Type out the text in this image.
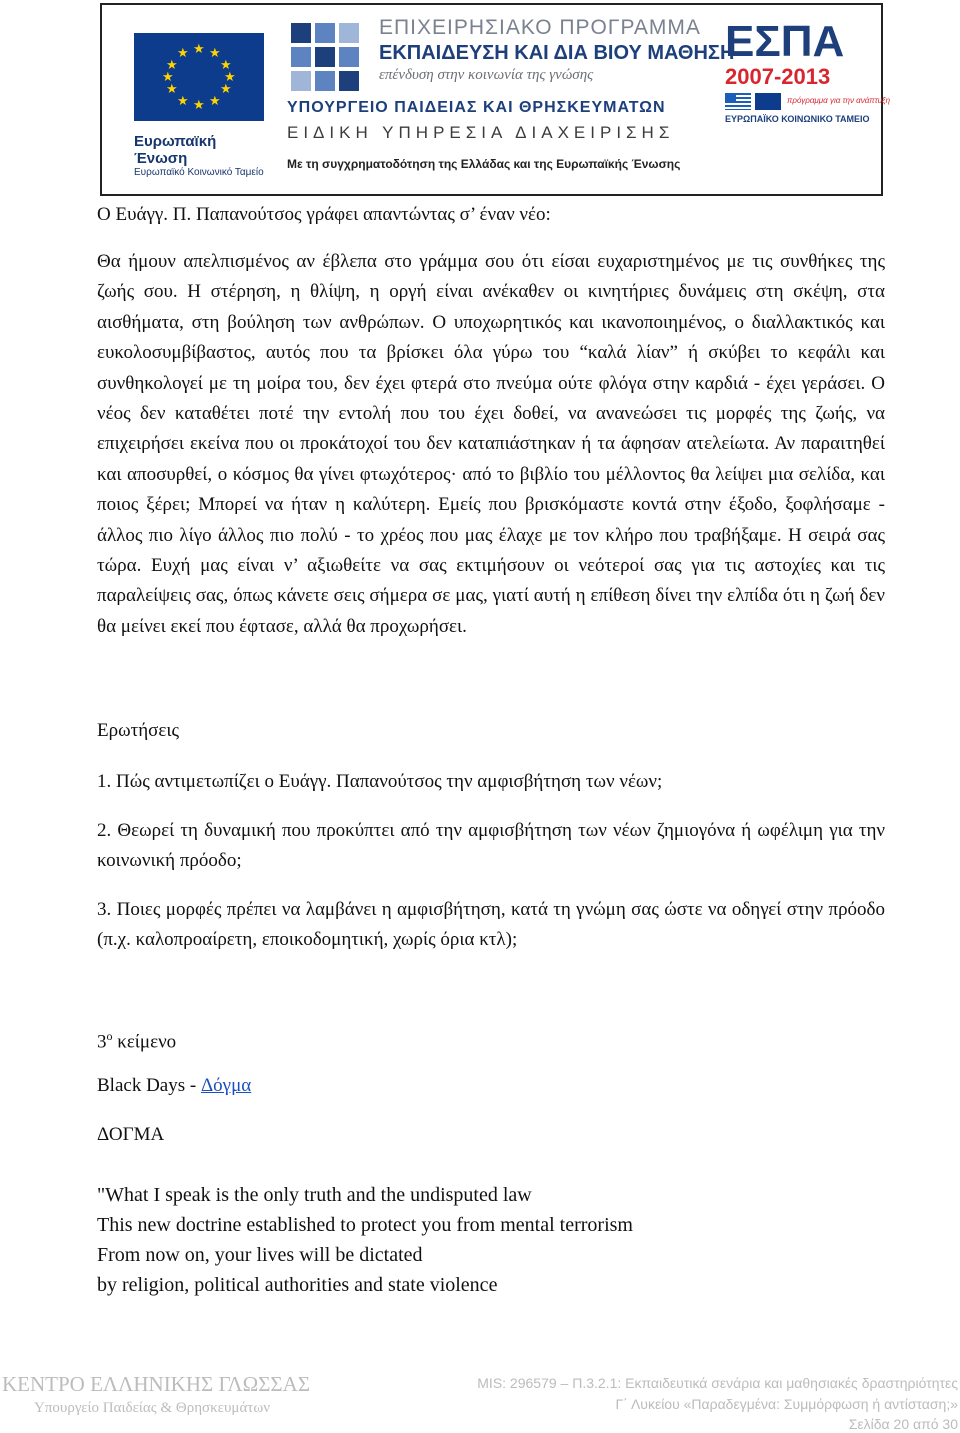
★ ★
★
★
★
★
★
★
★
★
★
★
Ευρωπαϊκή Ένωση
Ευρωπαϊκό Κοινωνικό Ταμείο
ΕΠΙΧΕΙΡΗΣΙΑΚΟ ΠΡΟΓΡΑΜΜΑ
ΕΚΠΑΙΔΕΥΣΗ ΚΑΙ ΔΙΑ ΒΙΟΥ ΜΑΘΗΣΗ
επένδυση στην κοινωνία της γνώσης
ΥΠΟΥΡΓΕΙΟ ΠΑΙΔΕΙΑΣ ΚΑΙ ΘΡΗΣΚΕΥΜΑΤΩΝ
ΕΙΔΙΚΗ ΥΠΗΡΕΣΙΑ ΔΙΑΧΕΙΡΙΣΗΣ
Με τη συγχρηματοδότηση της Ελλάδας και της Ευρωπαϊκής Ένωσης
ΕΣΠΑ
2007-2013
πρόγραμμα για την ανάπτυξη
ΕΥΡΩΠΑΪΚΟ ΚΟΙΝΩΝΙΚΟ ΤΑΜΕΙΟ

Ο Ευάγγ. Π. Παπανούτσος γράφει απαντώντας σ’ έναν νέο:

Θα ήμουν απελπισμένος αν έβλεπα στο γράμμα σου ότι είσαι ευχαριστημένος με τις συνθήκες της ζωής σου. Η στέρηση, η θλίψη, η οργή είναι ανέκαθεν οι κινητήριες δυνάμεις στη σκέψη, στα αισθήματα, στη βούληση των ανθρώπων. Ο υποχωρητικός και ικανοποιημένος, ο διαλλακτικός και ευκολοσυμβίβαστος, αυτός που τα βρίσκει όλα γύρω του “καλά λίαν” ή σκύβει το κεφάλι και συνθηκολογεί με τη μοίρα του, δεν έχει φτερά στο πνεύμα ούτε φλόγα στην καρδιά - έχει γεράσει. Ο νέος δεν καταθέτει ποτέ την εντολή που του έχει δοθεί, να ανανεώσει τις μορφές της ζωής, να επιχειρήσει εκείνα που οι προκάτοχοί του δεν καταπιάστηκαν ή τα άφησαν ατελείωτα. Αν παραιτηθεί και αποσυρθεί, ο κόσμος θα γίνει φτωχότερος· από το βιβλίο του μέλλοντος θα λείψει μια σελίδα, και ποιος ξέρει; Μπορεί να ήταν η καλύτερη. Εμείς που βρισκόμαστε κοντά στην έξοδο, ξοφλήσαμε - άλλος πιο λίγο άλλος πιο πολύ - το χρέος που μας έλαχε με τον κλήρο που τραβήξαμε. Η σειρά σας τώρα. Ευχή μας είναι ν’ αξιωθείτε να σας εκτιμήσουν οι νεότεροί σας για τις αστοχίες και τις παραλείψεις σας, όπως κάνετε σεις σήμερα σε μας, γιατί αυτή η επίθεση δίνει την ελπίδα ότι η ζωή δεν θα μείνει εκεί που έφτασε, αλλά θα προχωρήσει.

Ερωτήσεις

1. Πώς αντιμετωπίζει ο Ευάγγ. Παπανούτσος την αμφισβήτηση των νέων;

2. Θεωρεί τη δυναμική που προκύπτει από την αμφισβήτηση των νέων ζημιογόνα ή ωφέλιμη για την κοινωνική πρόοδο;

3. Ποιες μορφές πρέπει να λαμβάνει η αμφισβήτηση, κατά τη γνώμη σας ώστε να οδηγεί στην πρόοδο (π.χ. καλοπροαίρετη, εποικοδομητική, χωρίς όρια κτλ);

$3^o$ κείμενο

Black Days - Δόγμα

ΔΟΓΜΑ

"What I speak is the only truth and the undisputed law

This new doctrine established to protect you from mental terrorism

From now on, your lives will be dictated

by religion, political authorities and state violence

ΚΕΝΤΡΟ ΕΛΛΗΝΙΚΗΣ ΓΛΩΣΣΑΣ
Υπουργείο Παιδείας & Θρησκευμάτων
MIS: 296579 – Π.3.2.1: Εκπαιδευτικά σενάρια και μαθησιακές δραστηριότητες
Γ΄ Λυκείου «Παραδεγμένα: Συμμόρφωση ή αντίσταση;»
Σελίδα 20 από 30
